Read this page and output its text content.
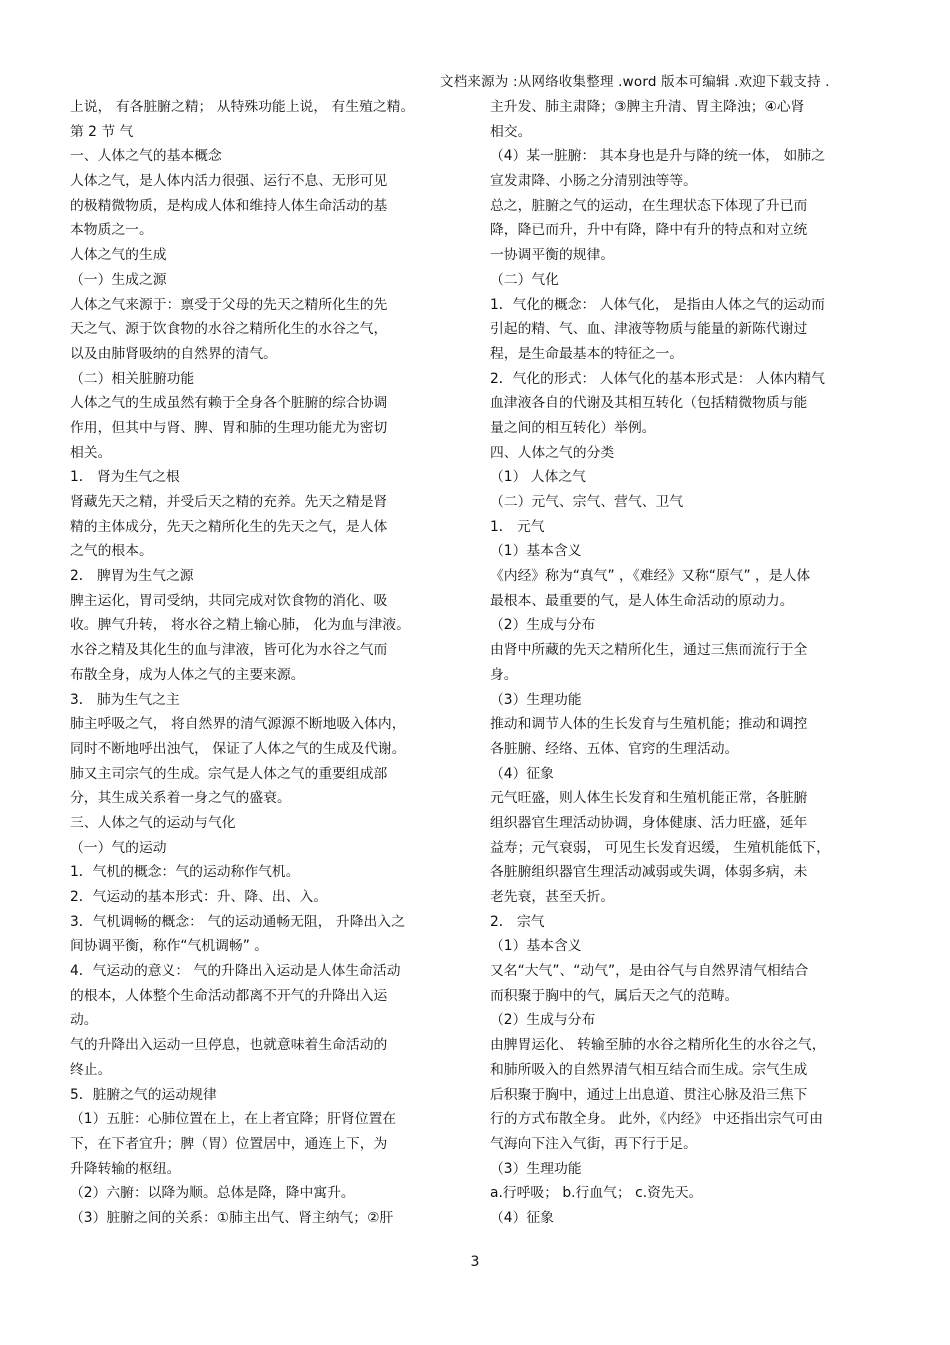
文档来源为 :从网络收集整理 .word 版本可编辑 .欢迎下载支持 .
上说， 有各脏腑之精； 从特殊功能上说， 有生殖之精。
第 2 节 气
一、人体之气的基本概念
人体之气，是人体内活力很强、运行不息、无形可见
的极精微物质，是构成人体和维持人体生命活动的基
本物质之一。
人体之气的生成
（一）生成之源
人体之气来源于：禀受于父母的先天之精所化生的先
天之气、源于饮食物的水谷之精所化生的水谷之气，
以及由肺肾吸纳的自然界的清气。
（二）相关脏腑功能
人体之气的生成虽然有赖于全身各个脏腑的综合协调
作用，但其中与肾、脾、胃和肺的生理功能尤为密切
相关。
1． 肾为生气之根
肾藏先天之精，并受后天之精的充养。先天之精是肾
精的主体成分，先天之精所化生的先天之气，是人体
之气的根本。
2． 脾胃为生气之源
脾主运化，胃司受纳，共同完成对饮食物的消化、吸
收。脾气升转， 将水谷之精上输心肺， 化为血与津液。
水谷之精及其化生的血与津液，皆可化为水谷之气而
布散全身，成为人体之气的主要来源。
3． 肺为生气之主
肺主呼吸之气， 将自然界的清气源源不断地吸入体内，
同时不断地呼出浊气， 保证了人体之气的生成及代谢。
肺又主司宗气的生成。宗气是人体之气的重要组成部
分，其生成关系着一身之气的盛衰。
三、人体之气的运动与气化
（一）气的运动
1．气机的概念：气的运动称作气机。
2．气运动的基本形式：升、降、出、入。
3．气机调畅的概念： 气的运动通畅无阻， 升降出入之
间协调平衡，称作“气机调畅” 。
4．气运动的意义： 气的升降出入运动是人体生命活动
的根本，人体整个生命活动都离不开气的升降出入运
动。
气的升降出入运动一旦停息，也就意味着生命活动的
终止。
5．脏腑之气的运动规律
（1）五脏：心肺位置在上，在上者宜降；肝肾位置在
下，在下者宜升；脾（胃）位置居中，通连上下，为
升降转输的枢纽。
（2）六腑：以降为顺。总体是降，降中寓升。
（3）脏腑之间的关系：①肺主出气、肾主纳气；②肝
主升发、肺主肃降；③脾主升清、胃主降浊；④心肾
相交。
（4）某一脏腑： 其本身也是升与降的统一体， 如肺之
宣发肃降、小肠之分清别浊等等。
总之，脏腑之气的运动，在生理状态下体现了升已而
降，降已而升，升中有降，降中有升的特点和对立统
一协调平衡的规律。
（二）气化
1．气化的概念： 人体气化， 是指由人体之气的运动而
引起的精、气、血、津液等物质与能量的新陈代谢过
程，是生命最基本的特征之一。
2．气化的形式： 人体气化的基本形式是： 人体内精气
血津液各自的代谢及其相互转化（包括精微物质与能
量之间的相互转化）举例。
四、人体之气的分类
（1） 人体之气
（二）元气、宗气、营气、卫气
1． 元气
（1）基本含义
《内经》称为“真气” ，《难经》又称“原气” ，是人体
最根本、最重要的气，是人体生命活动的原动力。
（2）生成与分布
由肾中所藏的先天之精所化生，通过三焦而流行于全
身。
（3）生理功能
推动和调节人体的生长发育与生殖机能；推动和调控
各脏腑、经络、五体、官窍的生理活动。
（4）征象
元气旺盛，则人体生长发育和生殖机能正常，各脏腑
组织器官生理活动协调，身体健康、活力旺盛，延年
益寿；元气衰弱， 可见生长发育迟缓， 生殖机能低下，
各脏腑组织器官生理活动减弱或失调，体弱多病，未
老先衰，甚至夭折。
2． 宗气
（1）基本含义
又名“大气”、“动气”，是由谷气与自然界清气相结合
而积聚于胸中的气，属后天之气的范畴。
（2）生成与分布
由脾胃运化、 转输至肺的水谷之精所化生的水谷之气，
和肺所吸入的自然界清气相互结合而生成。宗气生成
后积聚于胸中，通过上出息道、贯注心脉及沿三焦下
行的方式布散全身。 此外，《内经》 中还指出宗气可由
气海向下注入气街，再下行于足。
（3）生理功能
a.行呼吸； b.行血气； c.资先天。
（4）征象
3
